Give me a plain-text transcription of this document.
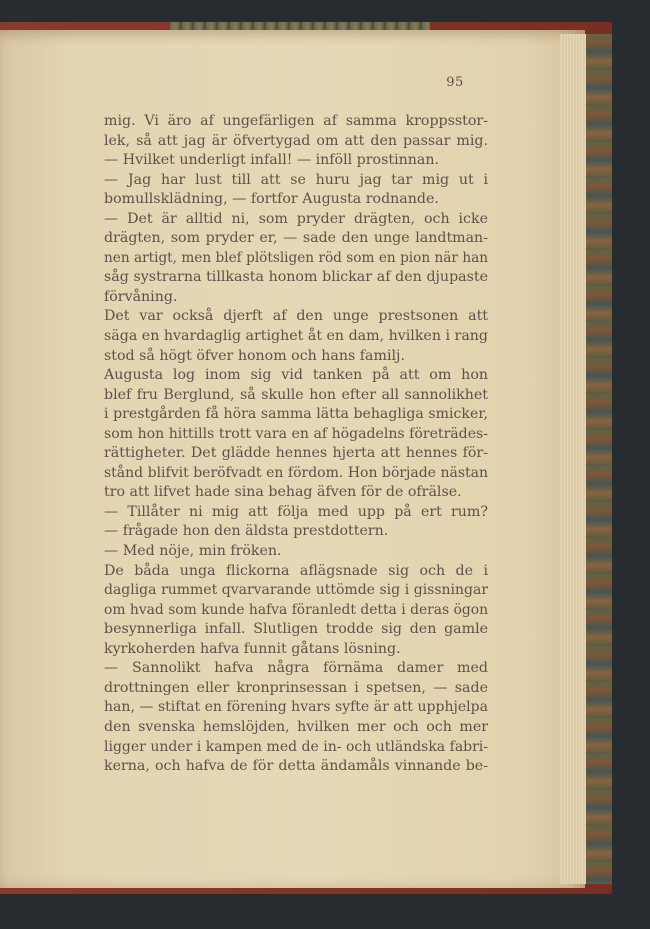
95
mig. Vi äro af ungefärligen af samma kroppsstor-
lek, så att jag är öfvertygad om att den passar mig.
— Hvilket underligt infall! — inföll prostinnan.
— Jag har lust till att se huru jag tar mig ut i
bomullsklädning, — fortfor Augusta rodnande.
— Det är alltid ni, som pryder drägten, och icke
drägten, som pryder er, — sade den unge landtman-
nen artigt, men blef plötsligen röd som en pion när han
såg systrarna tillkasta honom blickar af den djupaste
förvåning.
Det var också djerft af den unge prestsonen att
säga en hvardaglig artighet åt en dam, hvilken i rang
stod så högt öfver honom och hans familj.
Augusta log inom sig vid tanken på att om hon
blef fru Berglund, så skulle hon efter all sannolikhet
i prestgården få höra samma lätta behagliga smicker,
som hon hittills trott vara en af högadelns företrädes-
rättigheter. Det glädde hennes hjerta att hennes för-
stånd blifvit beröfvadt en fördom. Hon började nästan
tro att lifvet hade sina behag äfven för de ofrälse.
— Tillåter ni mig att följa med upp på ert rum?
— frågade hon den äldsta prestdottern.
— Med nöje, min fröken.
De båda unga flickorna aflägsnade sig och de i
dagliga rummet qvarvarande uttömde sig i gissningar
om hvad som kunde hafva föranledt detta i deras ögon
besynnerliga infall. Slutligen trodde sig den gamle
kyrkoherden hafva funnit gåtans lösning.
— Sannolikt hafva några förnäma damer med
drottningen eller kronprinsessan i spetsen, — sade
han, — stiftat en förening hvars syfte är att upphjelpa
den svenska hemslöjden, hvilken mer och och mer
ligger under i kampen med de in- och utländska fabri-
kerna, och hafva de för detta ändamåls vinnande be-
